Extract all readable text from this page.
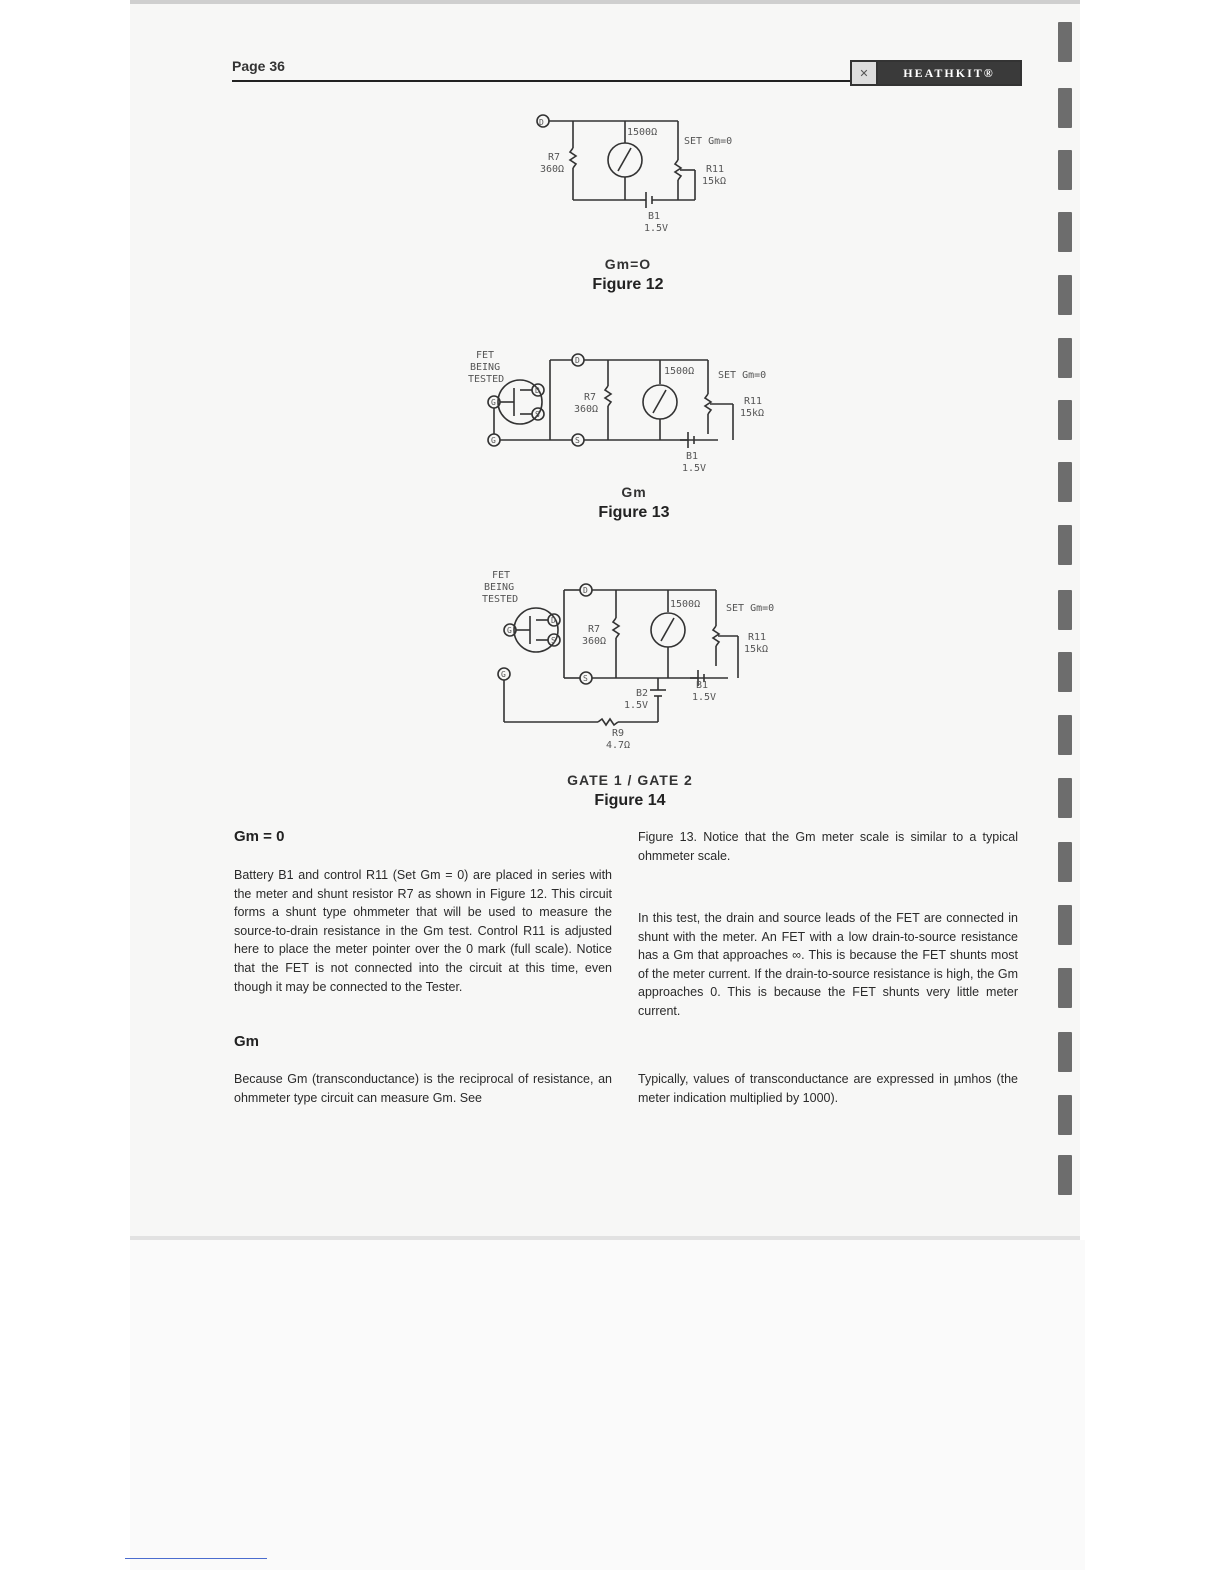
Page 36	✕	HEATHKIT®
D
R7
360Ω
1500Ω
SET Gm=0
R11
15kΩ
B1
1.5V
Gm=O
Figure 12
FET
BEING
TESTED
D
S
G
G
D
S
R7
360Ω
1500Ω SET Gm=0
R11
15kΩ
B1
1.5V
Gm
Figure 13
FET
BEING
TESTED
D
S
G
G
D
S
R7
360Ω
1500Ω	SET Gm=0
R11
15kΩ
B1
1.5V
B2
1.5V
R9
4.7Ω
GATE 1 / GATE 2
Figure 14
Gm = 0

Battery B1 and control R11 (Set Gm = 0) are placed in series with the meter and shunt resistor R7 as shown in Figure 12. This circuit forms a shunt type ohmmeter that will be used to measure the source-to-drain resistance in the Gm test. Control R11 is adjusted here to place the meter pointer over the 0 mark (full scale). Notice that the FET is not connected into the circuit at this time, even though it may be connected to the Tester.

Gm

Because Gm (transconductance) is the reciprocal of resistance, an ohmmeter type circuit can measure Gm. See

Figure 13. Notice that the Gm meter scale is similar to a typical ohmmeter scale.

In this test, the drain and source leads of the FET are connected in shunt with the meter. An FET with a low drain-to-source resistance has a Gm that approaches ∞. This is because the FET shunts most of the meter current. If the drain-to-source resistance is high, the Gm approaches 0. This is because the FET shunts very little meter current.

Typically, values of transconductance are expressed in µmhos (the meter indication multiplied by 1000).
